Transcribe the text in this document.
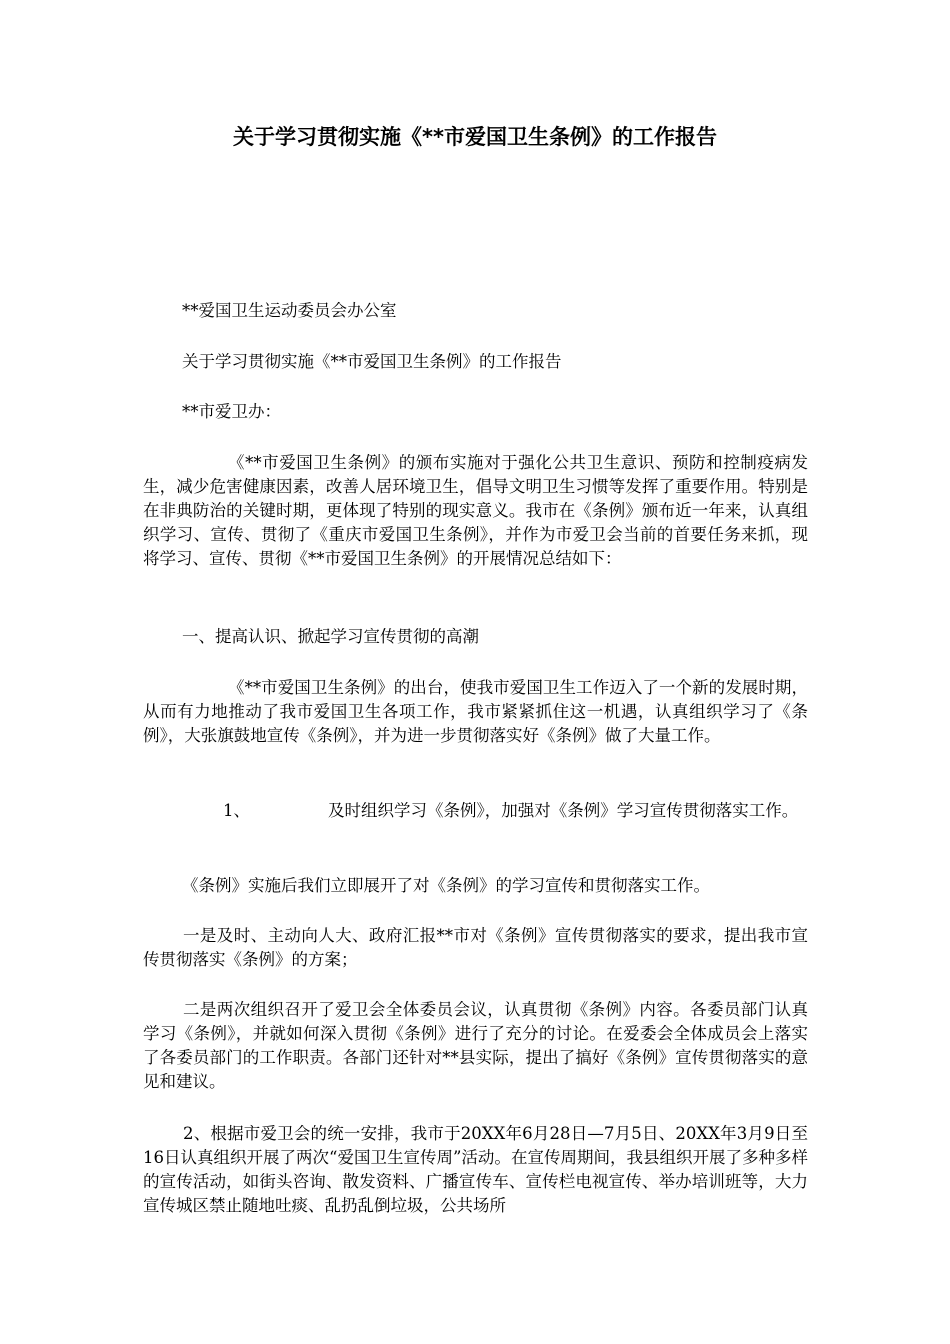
关于学习贯彻实施《**市爱国卫生条例》的工作报告
**爱国卫生运动委员会办公室
关于学习贯彻实施《**市爱国卫生条例》的工作报告
**市爱卫办：
《**市爱国卫生条例》的颁布实施对于强化公共卫生意识、预防和控制疫病发生，减少危害健康因素，改善人居环境卫生，倡导文明卫生习惯等发挥了重要作用。特别是在非典防治的关键时期，更体现了特别的现实意义。我市在《条例》颁布近一年来，认真组织学习、宣传、贯彻了《重庆市爱国卫生条例》，并作为市爱卫会当前的首要任务来抓，现将学习、宣传、贯彻《**市爱国卫生条例》的开展情况总结如下：
一、提高认识、掀起学习宣传贯彻的高潮
《**市爱国卫生条例》的出台，使我市爱国卫生工作迈入了一个新的发展时期，从而有力地推动了我市爱国卫生各项工作，我市紧紧抓住这一机遇，认真组织学习了《条例》，大张旗鼓地宣传《条例》，并为进一步贯彻落实好《条例》做了大量工作。
1、	及时组织学习《条例》，加强对《条例》学习宣传贯彻落实工作。
《条例》实施后我们立即展开了对《条例》的学习宣传和贯彻落实工作。
一是及时、主动向人大、政府汇报**市对《条例》宣传贯彻落实的要求，提出我市宣传贯彻落实《条例》的方案；
二是两次组织召开了爱卫会全体委员会议，认真贯彻《条例》内容。各委员部门认真学习《条例》，并就如何深入贯彻《条例》进行了充分的讨论。在爱委会全体成员会上落实了各委员部门的工作职责。各部门还针对**县实际，提出了搞好《条例》宣传贯彻落实的意见和建议。
2、根据市爱卫会的统一安排，我市于20XX年6月28日—7月5日、20XX年3月9日至16日认真组织开展了两次“爱国卫生宣传周”活动。在宣传周期间，我县组织开展了多种多样的宣传活动，如街头咨询、散发资料、广播宣传车、宣传栏电视宣传、举办培训班等，大力宣传城区禁止随地吐痰、乱扔乱倒垃圾，公共场所
